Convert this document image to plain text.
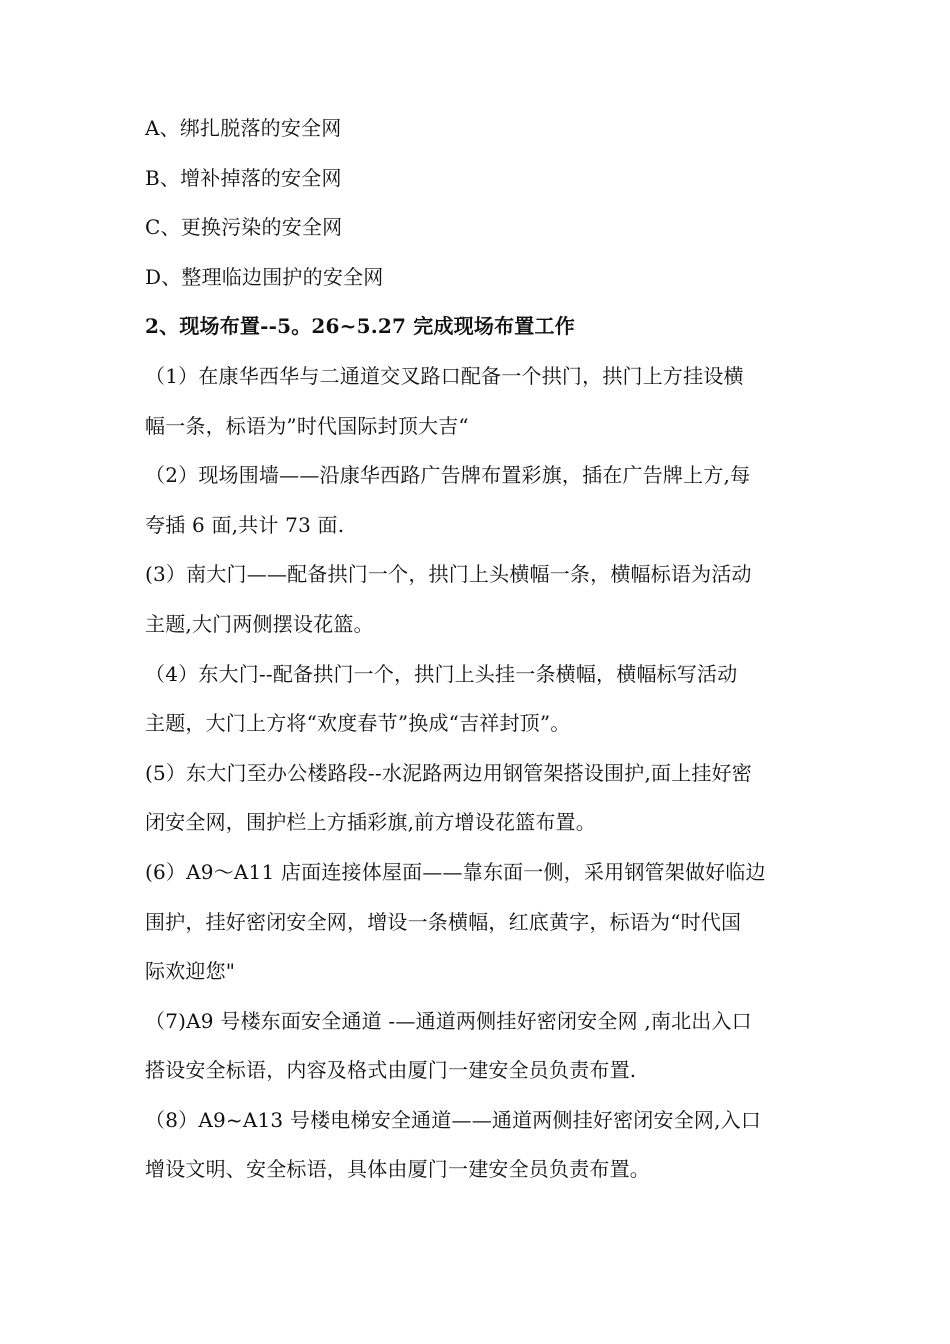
A、绑扎脱落的安全网
B、增补掉落的安全网
C、更换污染的安全网
D、整理临边围护的安全网
2、现场布置--5。26~5.27 完成现场布置工作
（1）在康华西华与二通道交叉路口配备一个拱门，拱门上方挂设横
幅一条，标语为”时代国际封顶大吉“
（2）现场围墙——沿康华西路广告牌布置彩旗，插在广告牌上方,每
夸插 6 面,共计 73 面.
(3）南大门——配备拱门一个，拱门上头横幅一条，横幅标语为活动
主题,大门两侧摆设花篮。
（4）东大门--配备拱门一个，拱门上头挂一条横幅，横幅标写活动
主题，大门上方将“欢度春节”换成“吉祥封顶”。
(5）东大门至办公楼路段--水泥路两边用钢管架搭设围护,面上挂好密
闭安全网，围护栏上方插彩旗,前方增设花篮布置。
(6）A9～A11 店面连接体屋面——靠东面一侧，采用钢管架做好临边
围护，挂好密闭安全网，增设一条横幅，红底黄字，标语为“时代国
际欢迎您"
（7)A9 号楼东面安全通道 -—通道两侧挂好密闭安全网 ,南北出入口
搭设安全标语，内容及格式由厦门一建安全员负责布置.
（8）A9~A13 号楼电梯安全通道——通道两侧挂好密闭安全网,入口
增设文明、安全标语，具体由厦门一建安全员负责布置。
